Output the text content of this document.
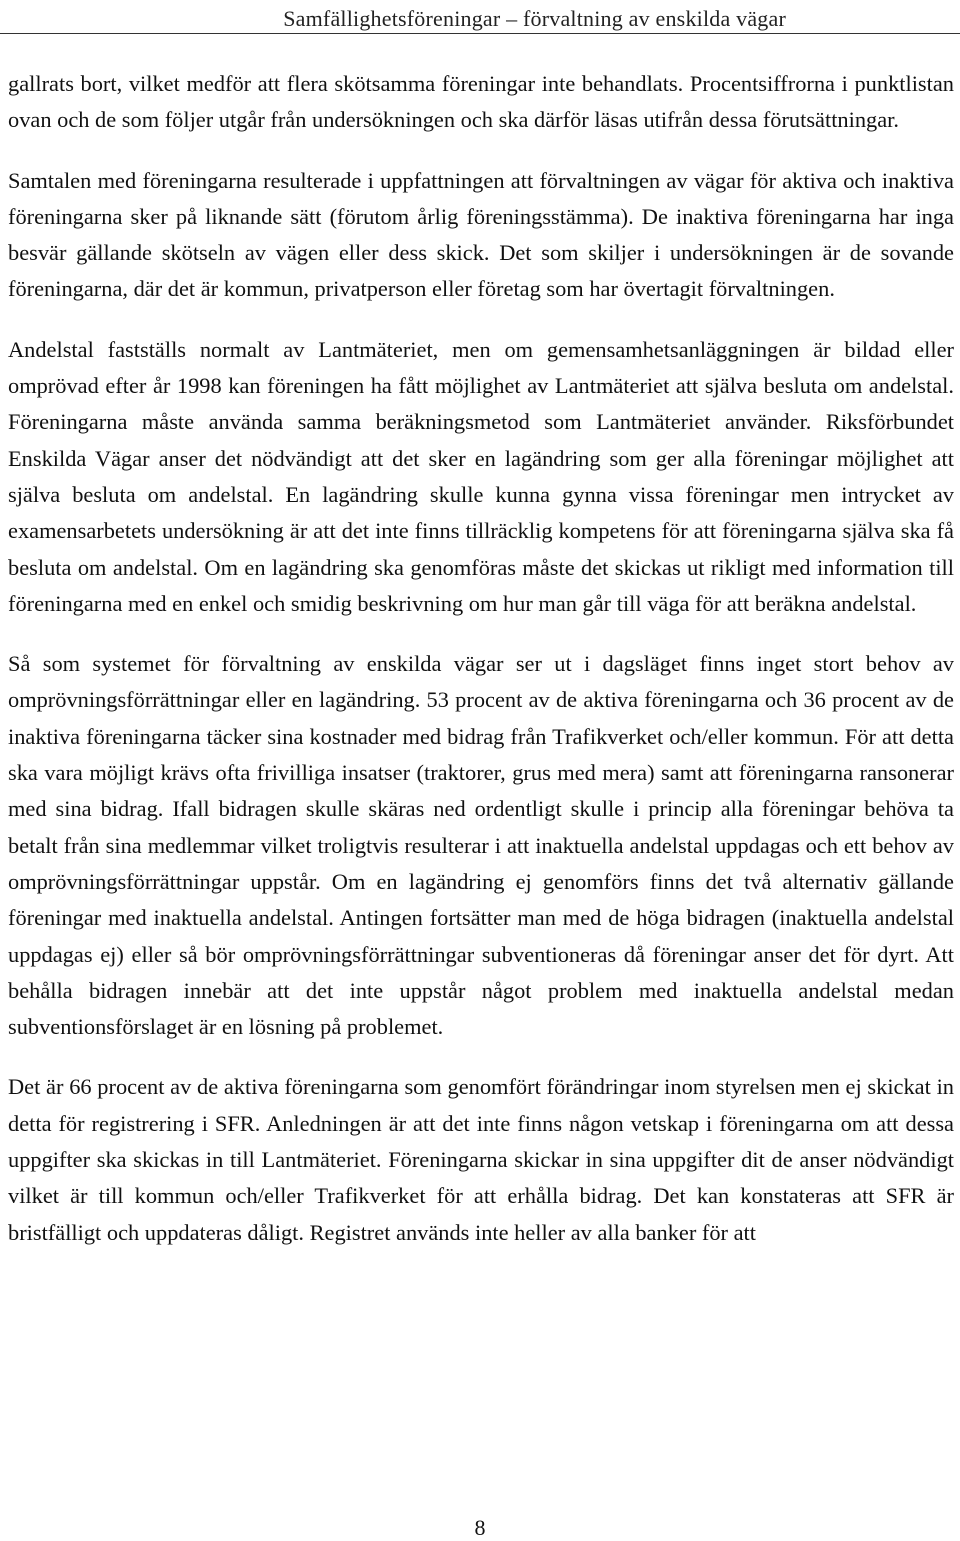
Samfällighetsföreningar – förvaltning av enskilda vägar

gallrats bort, vilket medför att flera skötsamma föreningar inte behandlats. Procentsiffrorna i punktlistan ovan och de som följer utgår från undersökningen och ska därför läsas utifrån dessa förutsättningar.

Samtalen med föreningarna resulterade i uppfattningen att förvaltningen av vägar för aktiva och inaktiva föreningarna sker på liknande sätt (förutom årlig föreningsstämma). De inaktiva föreningarna har inga besvär gällande skötseln av vägen eller dess skick. Det som skiljer i undersökningen är de sovande föreningarna, där det är kommun, privatperson eller företag som har övertagit förvaltningen.

Andelstal fastställs normalt av Lantmäteriet, men om gemensamhetsanläggningen är bildad eller omprövad efter år 1998 kan föreningen ha fått möjlighet av Lantmäteriet att själva besluta om andelstal. Föreningarna måste använda samma beräkningsmetod som Lantmäteriet använder. Riksförbundet Enskilda Vägar anser det nödvändigt att det sker en lagändring som ger alla föreningar möjlighet att själva besluta om andelstal. En lagändring skulle kunna gynna vissa föreningar men intrycket av examensarbetets undersökning är att det inte finns tillräcklig kompetens för att föreningarna själva ska få besluta om andelstal. Om en lagändring ska genomföras måste det skickas ut rikligt med information till föreningarna med en enkel och smidig beskrivning om hur man går till väga för att beräkna andelstal.

Så som systemet för förvaltning av enskilda vägar ser ut i dagsläget finns inget stort behov av omprövningsförrättningar eller en lagändring. 53 procent av de aktiva föreningarna och 36 procent av de inaktiva föreningarna täcker sina kostnader med bidrag från Trafikverket och/eller kommun. För att detta ska vara möjligt krävs ofta frivilliga insatser (traktorer, grus med mera) samt att föreningarna ransonerar med sina bidrag. Ifall bidragen skulle skäras ned ordentligt skulle i princip alla föreningar behöva ta betalt från sina medlemmar vilket troligtvis resulterar i att inaktuella andelstal uppdagas och ett behov av omprövningsförrättningar uppstår. Om en lagändring ej genomförs finns det två alternativ gällande föreningar med inaktuella andelstal. Antingen fortsätter man med de höga bidragen (inaktuella andelstal uppdagas ej) eller så bör omprövningsförrättningar subventioneras då föreningar anser det för dyrt. Att behålla bidragen innebär att det inte uppstår något problem med inaktuella andelstal medan subventionsförslaget är en lösning på problemet.

Det är 66 procent av de aktiva föreningarna som genomfört förändringar inom styrelsen men ej skickat in detta för registrering i SFR. Anledningen är att det inte finns någon vetskap i föreningarna om att dessa uppgifter ska skickas in till Lantmäteriet. Föreningarna skickar in sina uppgifter dit de anser nödvändigt vilket är till kommun och/eller Trafikverket för att erhålla bidrag. Det kan konstateras att SFR är bristfälligt och uppdateras dåligt. Registret används inte heller av alla banker för att

8
